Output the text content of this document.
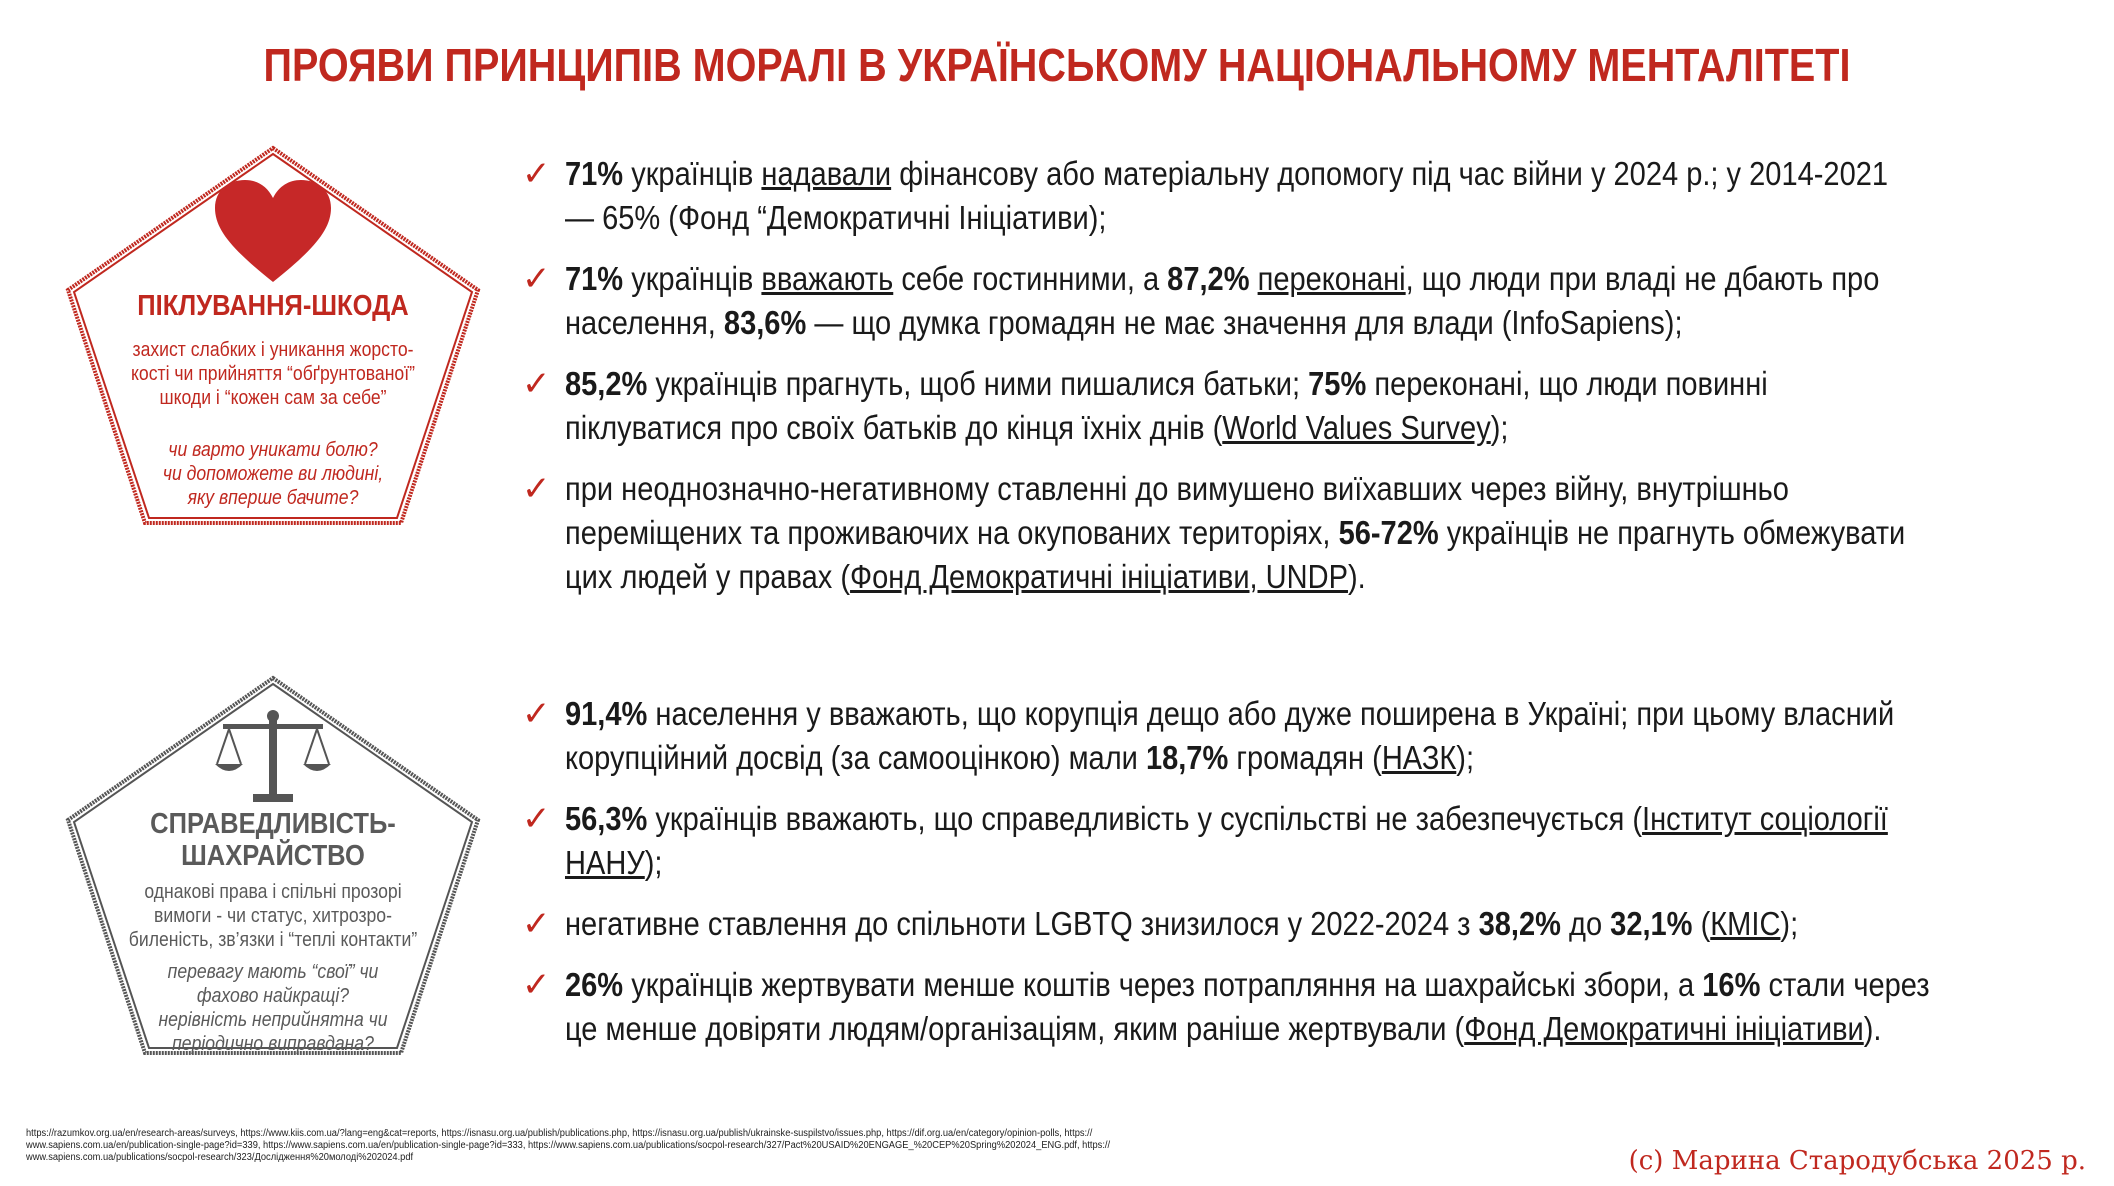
ПРОЯВИ ПРИНЦИПІВ МОРАЛІ В УКРАЇНСЬКОМУ НАЦІОНАЛЬНОМУ МЕНТАЛІТЕТІ
ПІКЛУВАННЯ-ШКОДА
захист слабких і уникання жорсто-
кості чи прийняття “обґрунтованої”
шкоди і “кожен сам за себе”
чи варто уникати болю?
чи допоможете ви людині,
яку вперше бачите?
СПРАВЕДЛИВІСТЬ-
ШАХРАЙСТВО
однакові права і спільні прозорі
вимоги - чи статус, хитрозро-
биленість, зв’язки і “теплі контакти”
перевагу мають “свої” чи
фахово найкращі?
нерівність неприйнятна чи
періодично виправдана?
✓ 71% українців надавали фінансову або матеріальну допомогу під час війни у 2024 р.; у 2014-2021
— 65% (Фонд “Демократичні Ініціативи);
✓ 71% українців вважають себе гостинними, а 87,2% переконані, що люди при владі не дбають про
населення, 83,6% — що думка громадян не має значення для влади (InfoSapiens);
✓ 85,2% українців прагнуть, щоб ними пишалися батьки; 75% переконані, що люди повинні
піклуватися про своїх батьків до кінця їхніх днів (World Values Survey);
✓ при неоднозначно-негативному ставленні до вимушено виїхавших через війну, внутрішньо
переміщених та проживаючих на окупованих територіях, 56-72% українців не прагнуть обмежувати
цих людей у правах (Фонд Демократичні ініціативи, UNDP).
✓ 91,4% населення у вважають, що корупція дещо або дуже поширена в Україні; при цьому власний
корупційний досвід (за самооцінкою) мали 18,7% громадян (НАЗК);
✓ 56,3% українців вважають, що справедливість у суспільстві не забезпечується (Інститут соціології
НАНУ);
✓ негативне ставлення до спільноти LGBTQ знизилося у 2022-2024 з 38,2% до 32,1% (КМІС);
✓ 26% українців жертвувати менше коштів через потрапляння на шахрайські збори, а 16% стали через
це менше довіряти людям/організаціям, яким раніше жертвували (Фонд Демократичні ініціативи).
https://razumkov.org.ua/en/research-areas/surveys, https://www.kiis.com.ua/?lang=eng&cat=reports, https://isnasu.org.ua/publish/publications.php, https://isnasu.org.ua/publish/ukrainske-suspilstvo/issues.php, https://dif.org.ua/en/category/opinion-polls, https://
www.sapiens.com.ua/en/publication-single-page?id=339, https://www.sapiens.com.ua/en/publication-single-page?id=333, https://www.sapiens.com.ua/publications/socpol-research/327/Pact%20USAID%20ENGAGE_%20CEP%20Spring%202024_ENG.pdf, https://
www.sapiens.com.ua/publications/socpol-research/323/Дослідження%20молоді%202024.pdf	(с) Марина Стародубська 2025 р.
